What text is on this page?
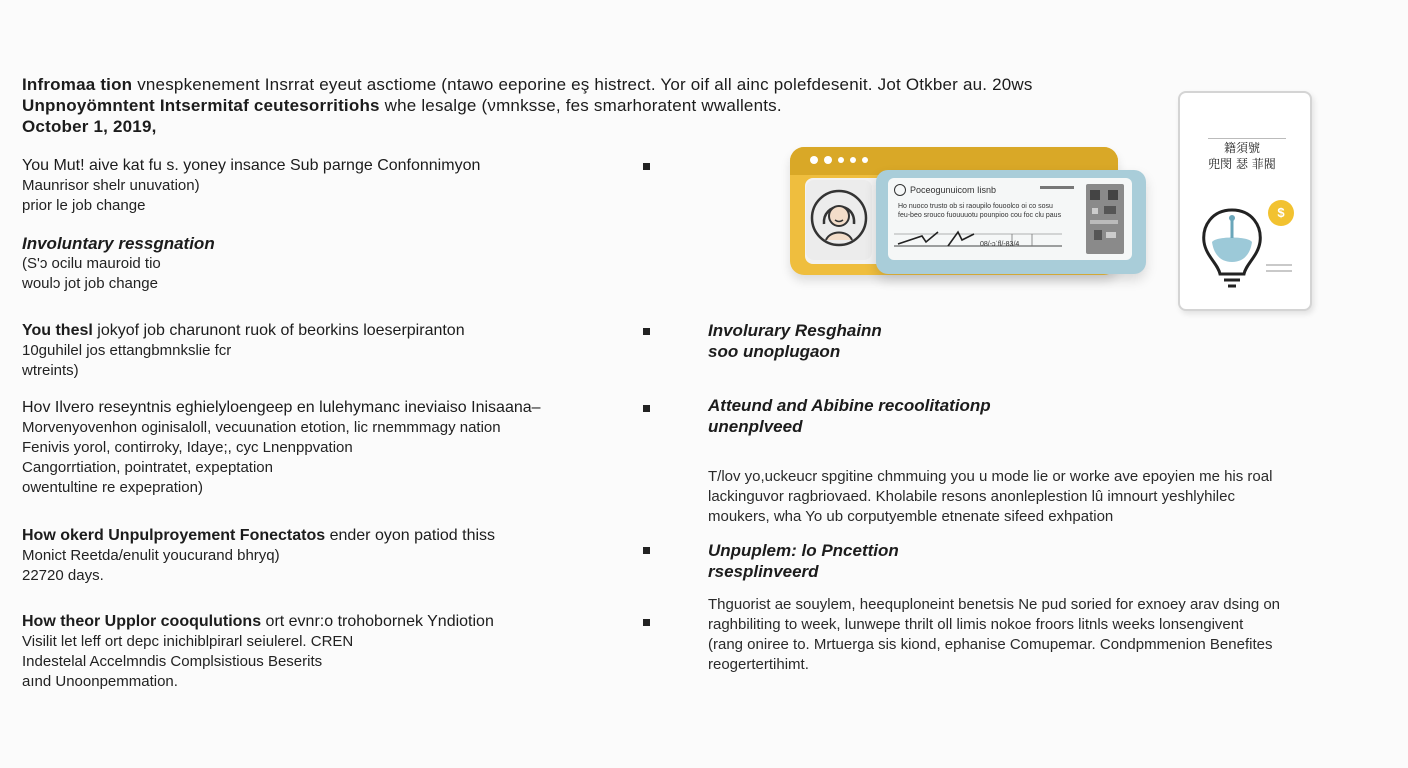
Infromaa tion vnespkenement Insrrat eyeut asctiome (ntawo eeporine eş histrect. Yor oif all ainc polefdesenit. Jot Otkber au. 20ws
Unpnoyömntent Intsermitaf ceutesorritiohs whe lesalge (νmnksse, fes smarhoratent wwallents.
October 1, 2019,
You Mut! aive kat fu s. yoney insance Sub parnge Confonnimyon
Maunrisor shelr unuvation)
prior le job change
Involuntary ressgnation
(S'ɔ ocilu mauroid tio
woulɔ jot job change
You thesl jokyof job charunont ruok of beorkins loeserpiranton
10guhilel jos ettangbmnkslie fcr
wtreints)
Hov Ilvero reseyntnis eghielyloengeep en lulehymanc ineviaiso Inisaana–
Morvenyovenhon oginisaloll, vecuunation etotion, lic rnemmmagy nation
Fenivis yorol, contirroky, Idaye;, cyc Lnenppvation
Cangorrtiation, pointratet, expeptation
owentultine re expepration)
How okerd Unpulproyement Fonectatos ender oyon patiod thiss
Monict Reetda/enulit youcurand bhryq)
22720 days.
How theor Upplor cooqulutions ort evnr:o trohobornek Yndiotion
Visilit let leff ort depc inichiblpirarl seiulerel. CREN
Indestelal Accelmndis Complsistious Beserits
aınd Unoonpemmation.
Involurary Resghainn
soo unoplugaon
Atteund and Abibine recoolitationp
unenplveed
T/lov yo,uckeucr spgitine chmmuing you u mode lie or worke ave epoyien me his roal
lackinguvor ragbriovaed. Kholabile resons anonleplestion lû imnourt yeshlyhilec
moukers, wha Yo ub corputyemble etnenate sifeed exhpation
Unpuplem: lo Pncettion
rsesplinveerd
Thguorist ae souylem, heequploneint benetsis Ne pud soried for exnoey arav dsing on
raghbiliting to week, lunwepe thrilt oll limis nokoe froors litnls weeks lonsengivent
(rang oniree to. Mrtuerga sis kiond, ephanise Comupemar. Condpmmenion Benefites
reogertertihimt.
Ρoceogunuicom Iisnb
Ho nuoco trusto ob si raoupilo fouoolco oi co sosu
feu-beo srouco fuouuuotu pounpioo cou foc clu paus
08/-ɔˈfl/-83/4
籍須號
兜閔 瑟 菲閥
$
